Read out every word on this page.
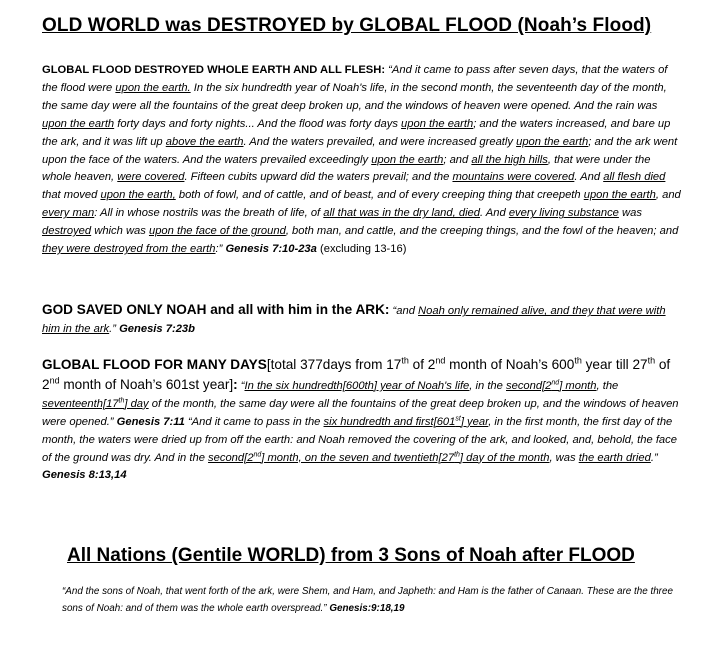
OLD WORLD was DESTROYED by GLOBAL FLOOD (Noah’s Flood)
GLOBAL FLOOD DESTROYED WHOLE EARTH AND ALL FLESH: “And it came to pass after seven days, that the waters of the flood were upon the earth. In the six hundredth year of Noah's life, in the second month, the seventeenth day of the month, the same day were all the fountains of the great deep broken up, and the windows of heaven were opened. And the rain was upon the earth forty days and forty nights... And the flood was forty days upon the earth; and the waters increased, and bare up the ark, and it was lift up above the earth. And the waters prevailed, and were increased greatly upon the earth; and the ark went upon the face of the waters. And the waters prevailed exceedingly upon the earth; and all the high hills, that were under the whole heaven, were covered. Fifteen cubits upward did the waters prevail; and the mountains were covered. And all flesh died that moved upon the earth, both of fowl, and of cattle, and of beast, and of every creeping thing that creepeth upon the earth, and every man: All in whose nostrils was the breath of life, of all that was in the dry land, died. And every living substance was destroyed which was upon the face of the ground, both man, and cattle, and the creeping things, and the fowl of the heaven; and they were destroyed from the earth:” Genesis 7:10-23a (excluding 13-16)
GOD SAVED ONLY NOAH and all with him in the ARK: “and Noah only remained alive, and they that were with him in the ark.” Genesis 7:23b
GLOBAL FLOOD FOR MANY DAYS[total 377days from 17th of 2nd month of Noah’s 600th year till 27th of 2nd month of Noah’s 601st year]: “In the six hundredth[600th] year of Noah's life, in the second[2nd] month, the seventeenth[17th] day of the month, the same day were all the fountains of the great deep broken up, and the windows of heaven were opened.” Genesis 7:11 “And it came to pass in the six hundredth and first[601st] year, in the first month, the first day of the month, the waters were dried up from off the earth: and Noah removed the covering of the ark, and looked, and, behold, the face of the ground was dry. And in the second[2nd] month, on the seven and twentieth[27th] day of the month, was the earth dried.” Genesis 8:13,14
All Nations (Gentile WORLD) from 3 Sons of Noah after FLOOD
“And the sons of Noah, that went forth of the ark, were Shem, and Ham, and Japheth: and Ham is the father of Canaan. These are the three sons of Noah: and of them was the whole earth overspread.” Genesis:9:18,19
